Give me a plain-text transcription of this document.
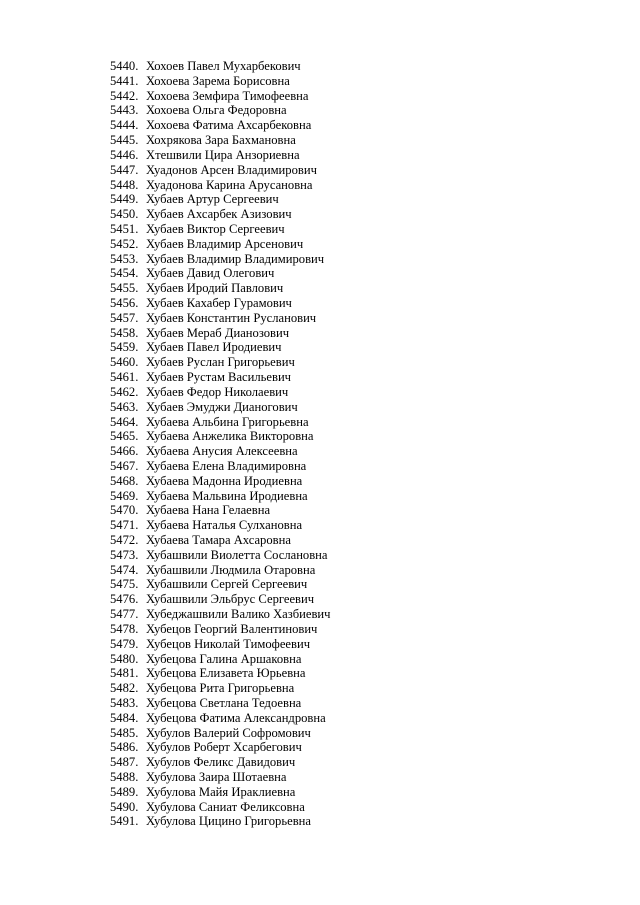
5440. Хохоев Павел Мухарбекович
5441. Хохоева Зарема Борисовна
5442. Хохоева Земфира Тимофеевна
5443. Хохоева Ольга Федоровна
5444. Хохоева Фатима Ахсарбековна
5445. Хохрякова Зара Бахмановна
5446. Хтешвили Цира Анзориевна
5447. Хуадонов Арсен Владимирович
5448. Хуадонова Карина Арусановна
5449. Хубаев Артур Сергеевич
5450. Хубаев Ахсарбек Азизович
5451. Хубаев Виктор Сергеевич
5452. Хубаев Владимир Арсенович
5453. Хубаев Владимир Владимирович
5454. Хубаев Давид Олегович
5455. Хубаев Иродий Павлович
5456. Хубаев Кахабер Гурамович
5457. Хубаев Константин Русланович
5458. Хубаев Мераб Дианозович
5459. Хубаев Павел Иродиевич
5460. Хубаев Руслан Григорьевич
5461. Хубаев Рустам Васильевич
5462. Хубаев Федор Николаевич
5463. Хубаев Эмуджи Дианогович
5464. Хубаева Альбина Григорьевна
5465. Хубаева Анжелика Викторовна
5466. Хубаева Анусия Алексеевна
5467. Хубаева Елена Владимировна
5468. Хубаева Мадонна Иродиевна
5469. Хубаева Мальвина Иродиевна
5470. Хубаева Нана Гелаевна
5471. Хубаева Наталья Сулхановна
5472. Хубаева Тамара Ахсаровна
5473. Хубашвили Виолетта Сослановна
5474. Хубашвили Людмила Отаровна
5475. Хубашвили Сергей Сергеевич
5476. Хубашвили Эльбрус Сергеевич
5477. Хубеджашвили Валико Хазбиевич
5478. Хубецов Георгий Валентинович
5479. Хубецов Николай Тимофеевич
5480. Хубецова Галина Аршаковна
5481. Хубецова Елизавета Юрьевна
5482. Хубецова Рита Григорьевна
5483. Хубецова Светлана Тедоевна
5484. Хубецова Фатима Александровна
5485. Хубулов Валерий Софромович
5486. Хубулов Роберт Хсарбегович
5487. Хубулов Феликс Давидович
5488. Хубулова Заира Шотаевна
5489. Хубулова Майя Ираклиевна
5490. Хубулова Саниат Феликсовна
5491. Хубулова Цицино Григорьевна
